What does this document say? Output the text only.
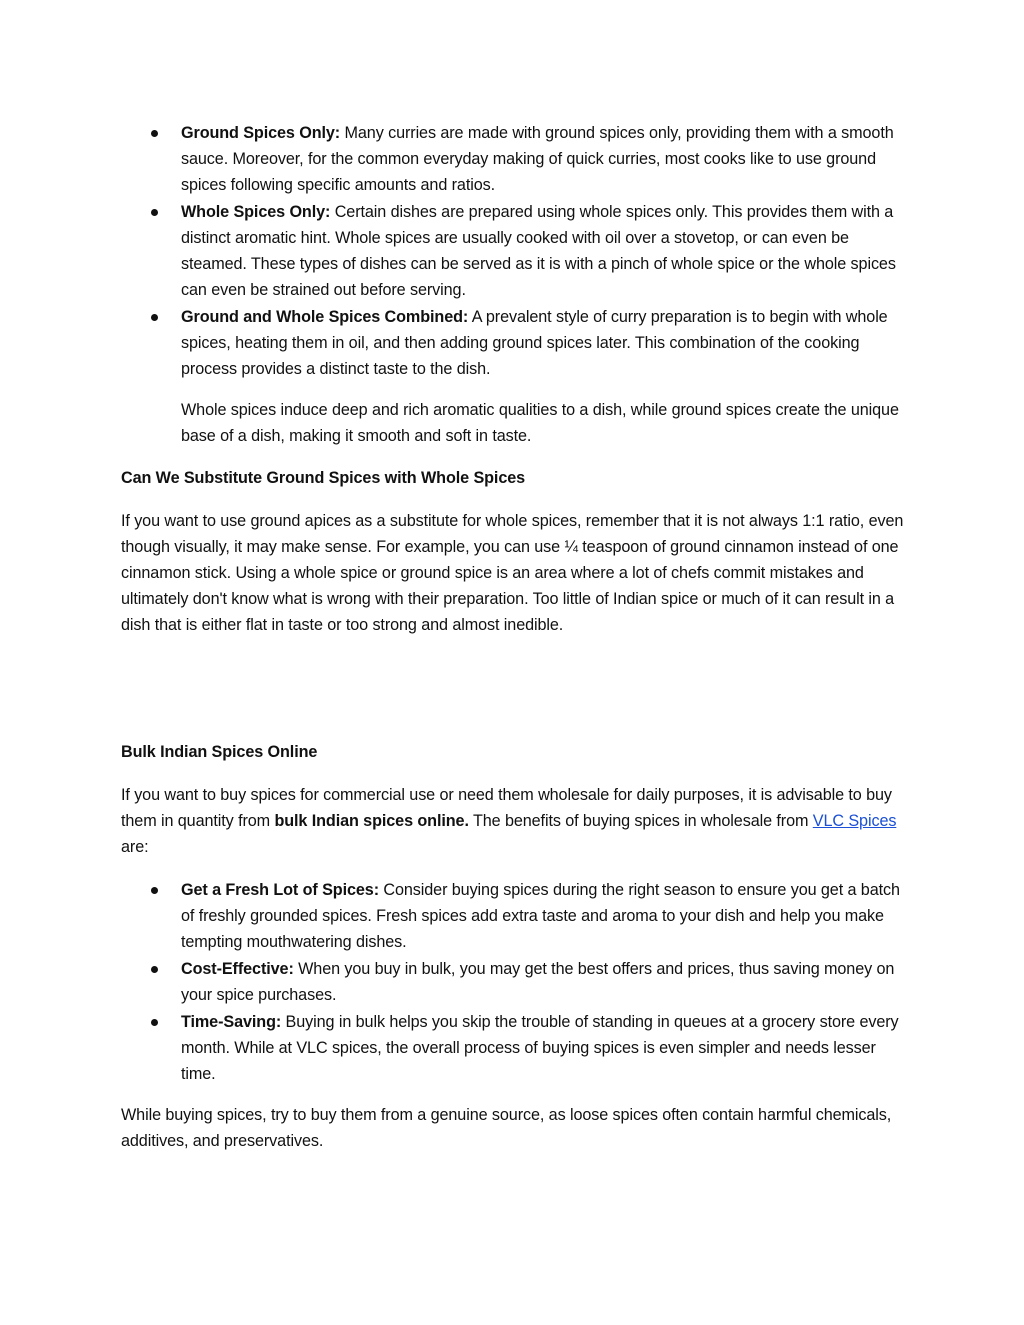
Ground Spices Only: Many curries are made with ground spices only, providing them with a smooth sauce. Moreover, for the common everyday making of quick curries, most cooks like to use ground spices following specific amounts and ratios.
Whole Spices Only: Certain dishes are prepared using whole spices only. This provides them with a distinct aromatic hint. Whole spices are usually cooked with oil over a stovetop, or can even be steamed. These types of dishes can be served as it is with a pinch of whole spice or the whole spices can even be strained out before serving.
Ground and Whole Spices Combined: A prevalent style of curry preparation is to begin with whole spices, heating them in oil, and then adding ground spices later. This combination of the cooking process provides a distinct taste to the dish.

Whole spices induce deep and rich aromatic qualities to a dish, while ground spices create the unique base of a dish, making it smooth and soft in taste.

Can We Substitute Ground Spices with Whole Spices

If you want to use ground apices as a substitute for whole spices, remember that it is not always 1:1 ratio, even though visually, it may make sense. For example, you can use ¼ teaspoon of ground cinnamon instead of one cinnamon stick. Using a whole spice or ground spice is an area where a lot of chefs commit mistakes and ultimately don't know what is wrong with their preparation. Too little of Indian spice or much of it can result in a dish that is either flat in taste or too strong and almost inedible.

Bulk Indian Spices Online

If you want to buy spices for commercial use or need them wholesale for daily purposes, it is advisable to buy them in quantity from bulk Indian spices online. The benefits of buying spices in wholesale from VLC Spices are:

Get a Fresh Lot of Spices: Consider buying spices during the right season to ensure you get a batch of freshly grounded spices. Fresh spices add extra taste and aroma to your dish and help you make tempting mouthwatering dishes.
Cost-Effective: When you buy in bulk, you may get the best offers and prices, thus saving money on your spice purchases.
Time-Saving: Buying in bulk helps you skip the trouble of standing in queues at a grocery store every month. While at VLC spices, the overall process of buying spices is even simpler and needs lesser time.

While buying spices, try to buy them from a genuine source, as loose spices often contain harmful chemicals, additives, and preservatives.
